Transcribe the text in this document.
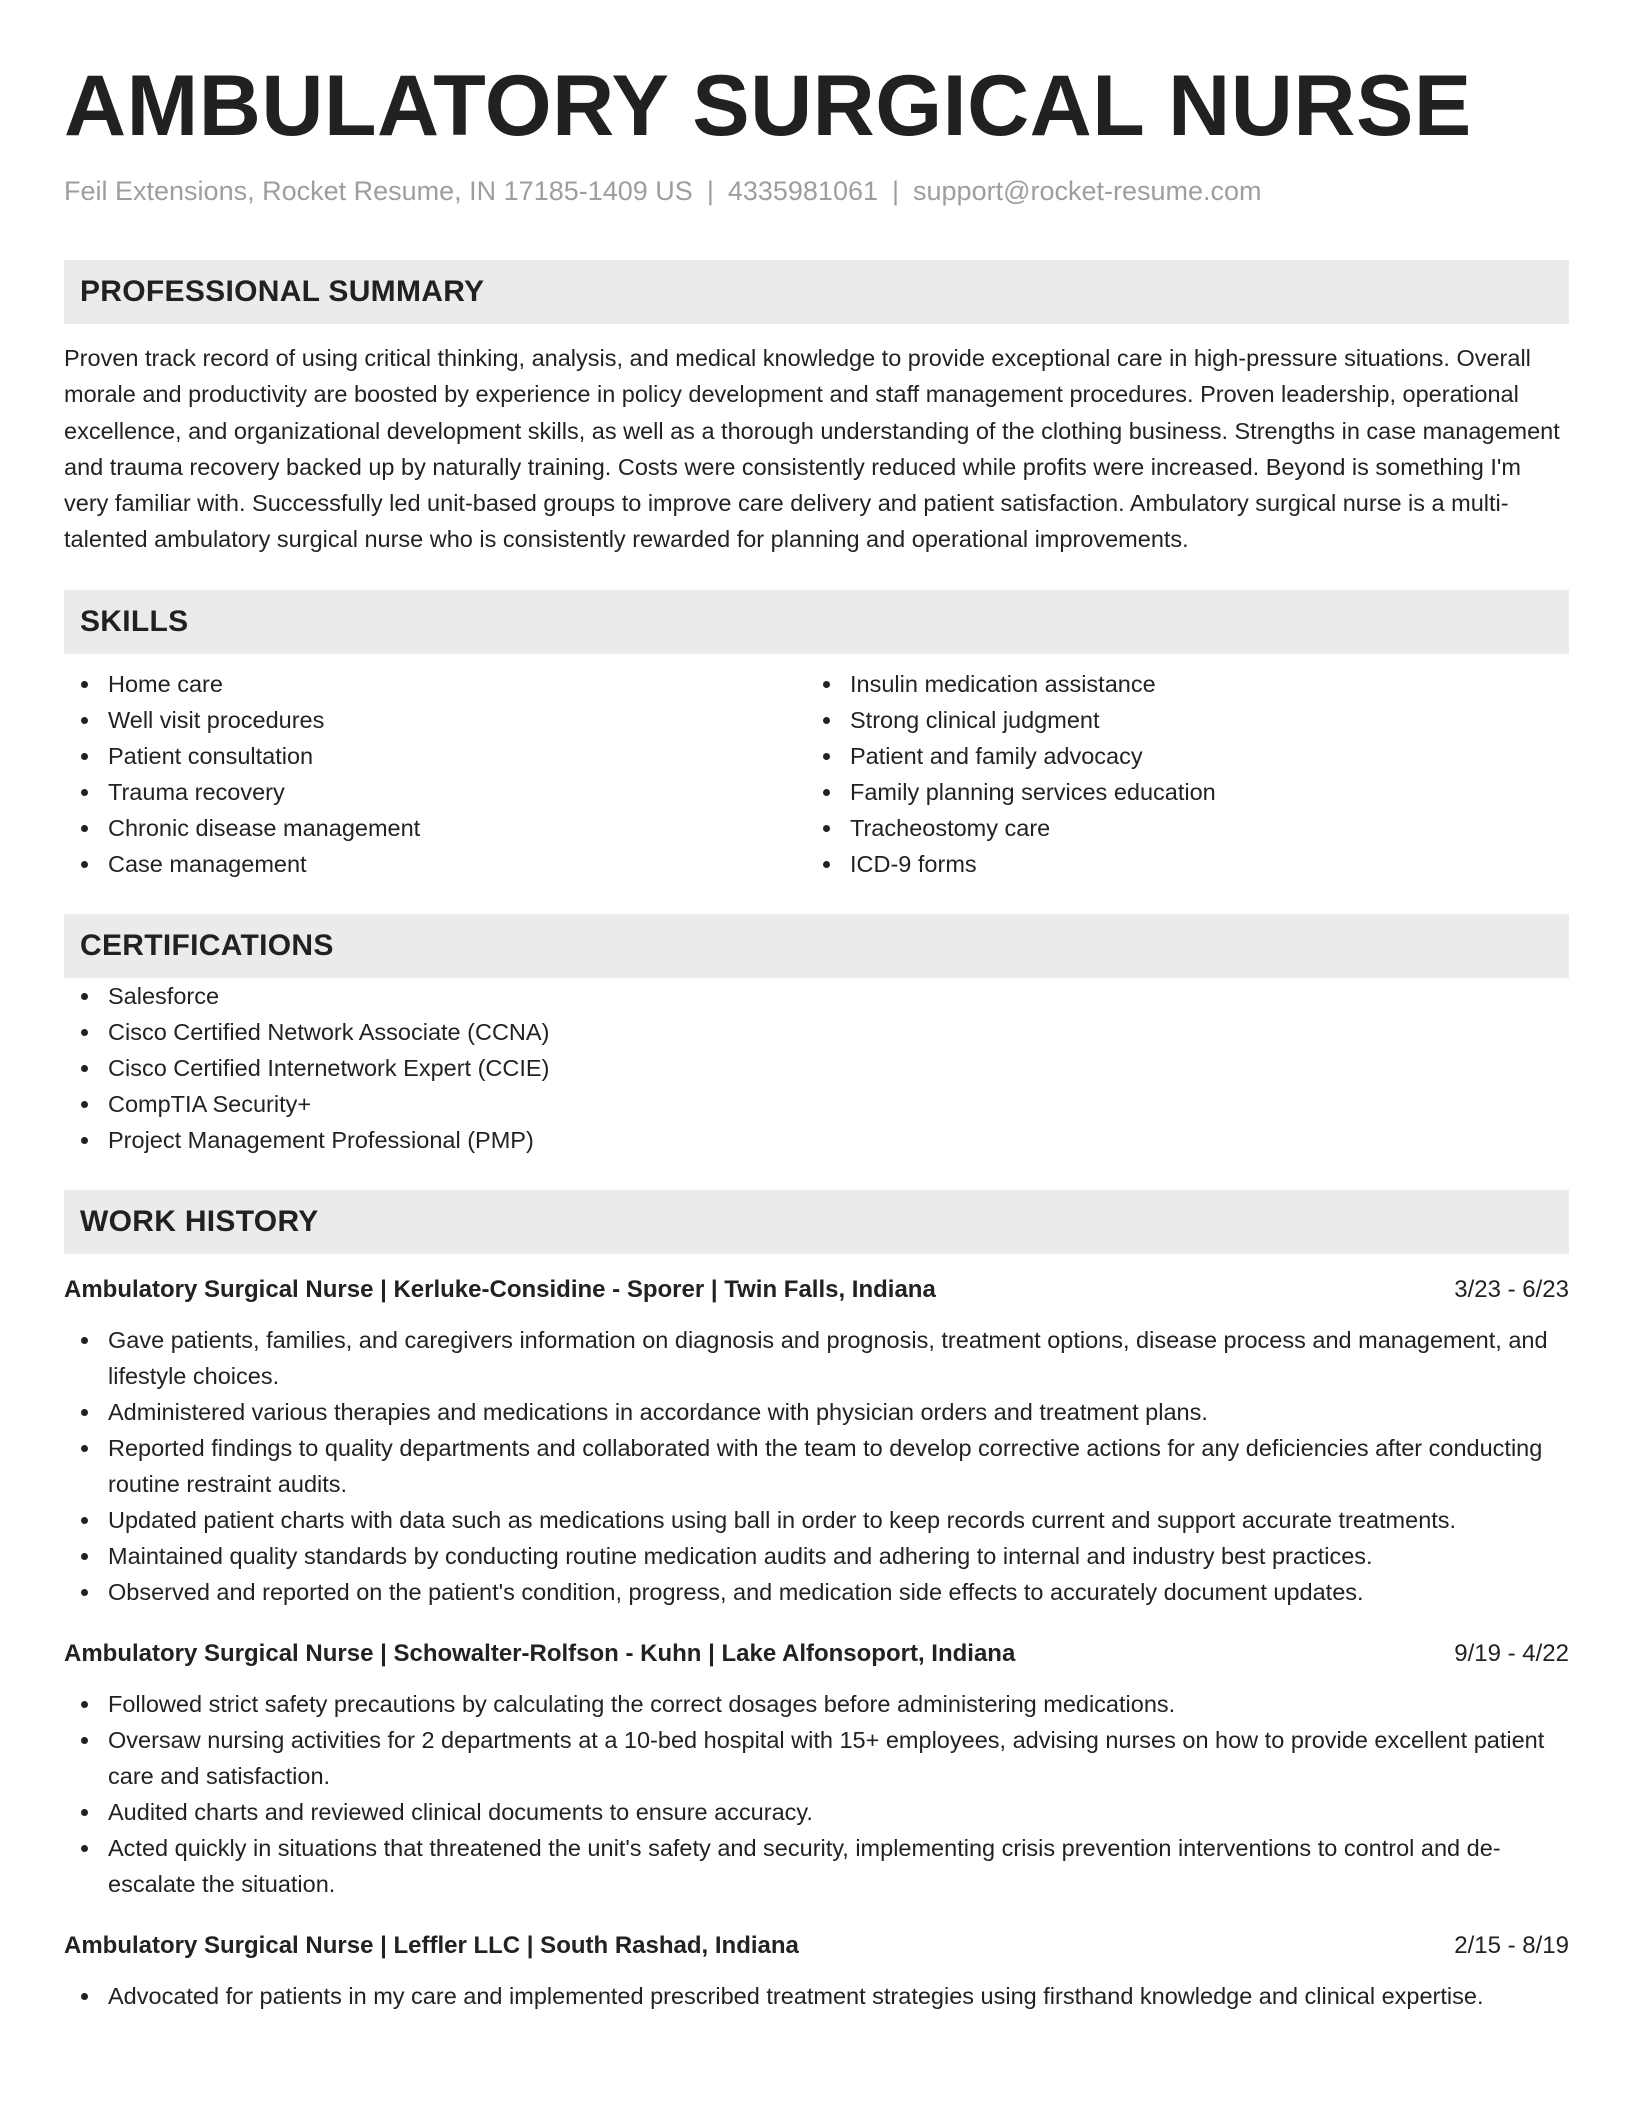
AMBULATORY SURGICAL NURSE
Feil Extensions, Rocket Resume, IN 17185-1409 US | 4335981061 | support@rocket-resume.com
PROFESSIONAL SUMMARY

Proven track record of using critical thinking, analysis, and medical knowledge to provide exceptional care in high-pressure situations. Overall morale and productivity are boosted by experience in policy development and staff management procedures. Proven leadership, operational excellence, and organizational development skills, as well as a thorough understanding of the clothing business. Strengths in case management and trauma recovery backed up by naturally training. Costs were consistently reduced while profits were increased. Beyond is something I'm very familiar with. Successfully led unit-based groups to improve care delivery and patient satisfaction. Ambulatory surgical nurse is a multi-talented ambulatory surgical nurse who is consistently rewarded for planning and operational improvements.

SKILLS
Home care
Well visit procedures
Patient consultation
Trauma recovery
Chronic disease management
Case management
Insulin medication assistance
Strong clinical judgment
Patient and family advocacy
Family planning services education
Tracheostomy care
ICD-9 forms
CERTIFICATIONS
Salesforce
Cisco Certified Network Associate (CCNA)
Cisco Certified Internetwork Expert (CCIE)
CompTIA Security+
Project Management Professional (PMP)
WORK HISTORY
Ambulatory Surgical Nurse | Kerluke-Considine - Sporer | Twin Falls, Indiana	3/23 - 6/23
Gave patients, families, and caregivers information on diagnosis and prognosis, treatment options, disease process and management, and lifestyle choices.
Administered various therapies and medications in accordance with physician orders and treatment plans.
Reported findings to quality departments and collaborated with the team to develop corrective actions for any deficiencies after conducting routine restraint audits.
Updated patient charts with data such as medications using ball in order to keep records current and support accurate treatments.
Maintained quality standards by conducting routine medication audits and adhering to internal and industry best practices.
Observed and reported on the patient's condition, progress, and medication side effects to accurately document updates.
Ambulatory Surgical Nurse | Schowalter-Rolfson - Kuhn | Lake Alfonsoport, Indiana	9/19 - 4/22
Followed strict safety precautions by calculating the correct dosages before administering medications.
Oversaw nursing activities for 2 departments at a 10-bed hospital with 15+ employees, advising nurses on how to provide excellent patient care and satisfaction.
Audited charts and reviewed clinical documents to ensure accuracy.
Acted quickly in situations that threatened the unit's safety and security, implementing crisis prevention interventions to control and de-escalate the situation.
Ambulatory Surgical Nurse | Leffler LLC | South Rashad, Indiana	2/15 - 8/19
Advocated for patients in my care and implemented prescribed treatment strategies using firsthand knowledge and clinical expertise.
